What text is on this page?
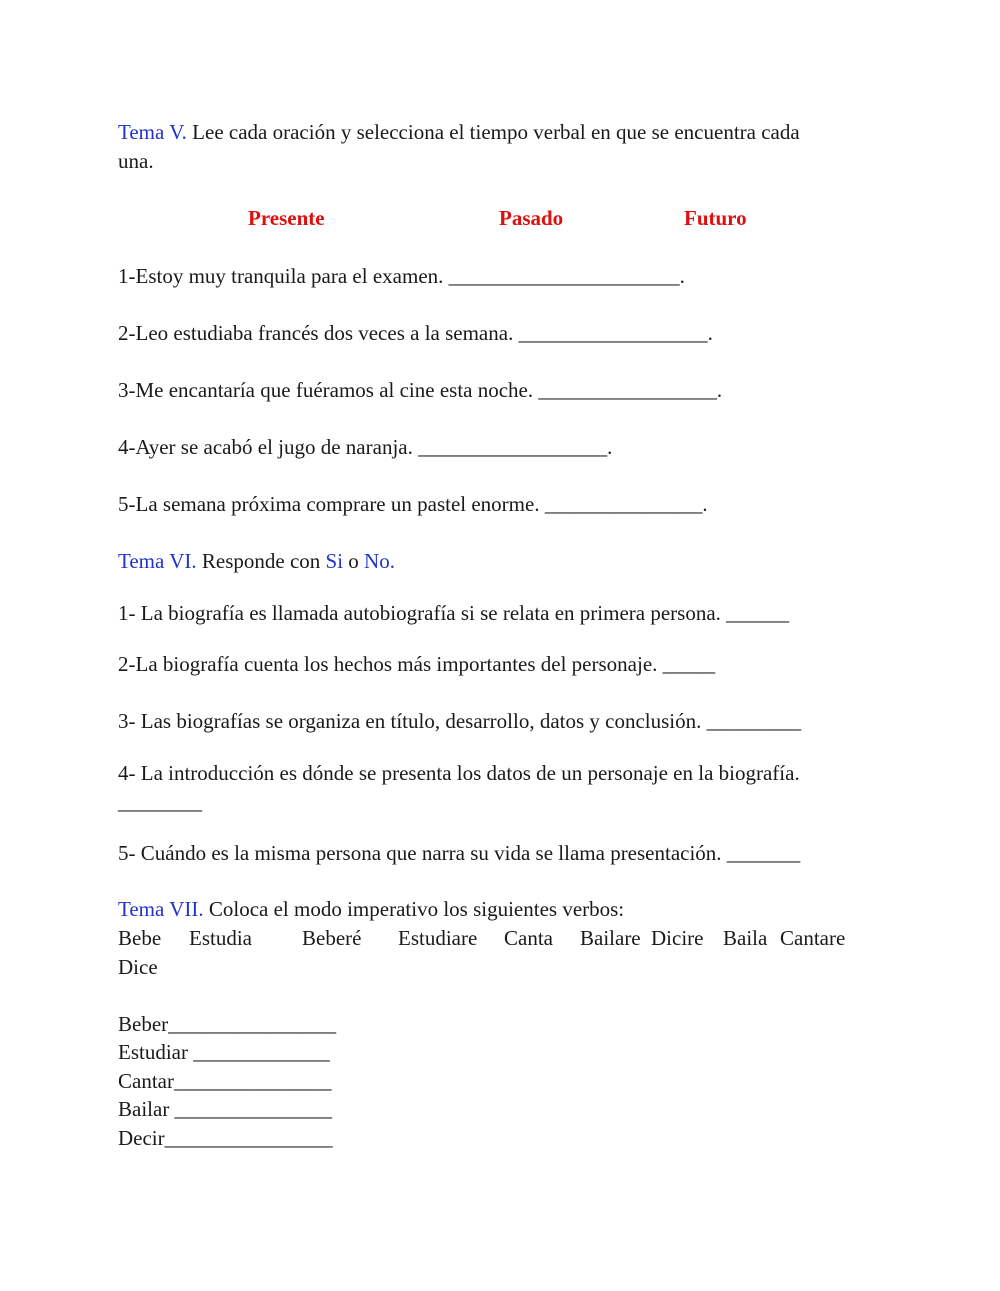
Tema V. Lee cada oración y selecciona el tiempo verbal en que se encuentra cada
una.
Presente	Pasado	Futuro
1-Estoy muy tranquila para el examen. ______________________.
2-Leo estudiaba francés dos veces a la semana. __________________.
3-Me encantaría que fuéramos al cine esta noche. _________________.
4-Ayer se acabó el jugo de naranja. __________________.
5-La semana próxima comprare un pastel enorme. _______________.
Tema VI. Responde con Si o No.
1- La biografía es llamada autobiografía si se relata en primera persona. ______
2-La biografía cuenta los hechos más importantes del personaje. _____
3- Las biografías se organiza en título, desarrollo, datos y conclusión. _________
4- La introducción es dónde se presenta los datos de un personaje en la biografía.
________
5- Cuándo es la misma persona que narra su vida se llama presentación. _______
Tema VII. Coloca el modo imperativo los siguientes verbos:
Bebe Estudia Beberé Estudiare Canta Bailare Dicire Baila Cantare
Dice
Beber________________
Estudiar _____________
Cantar_______________
Bailar _______________
Decir________________
